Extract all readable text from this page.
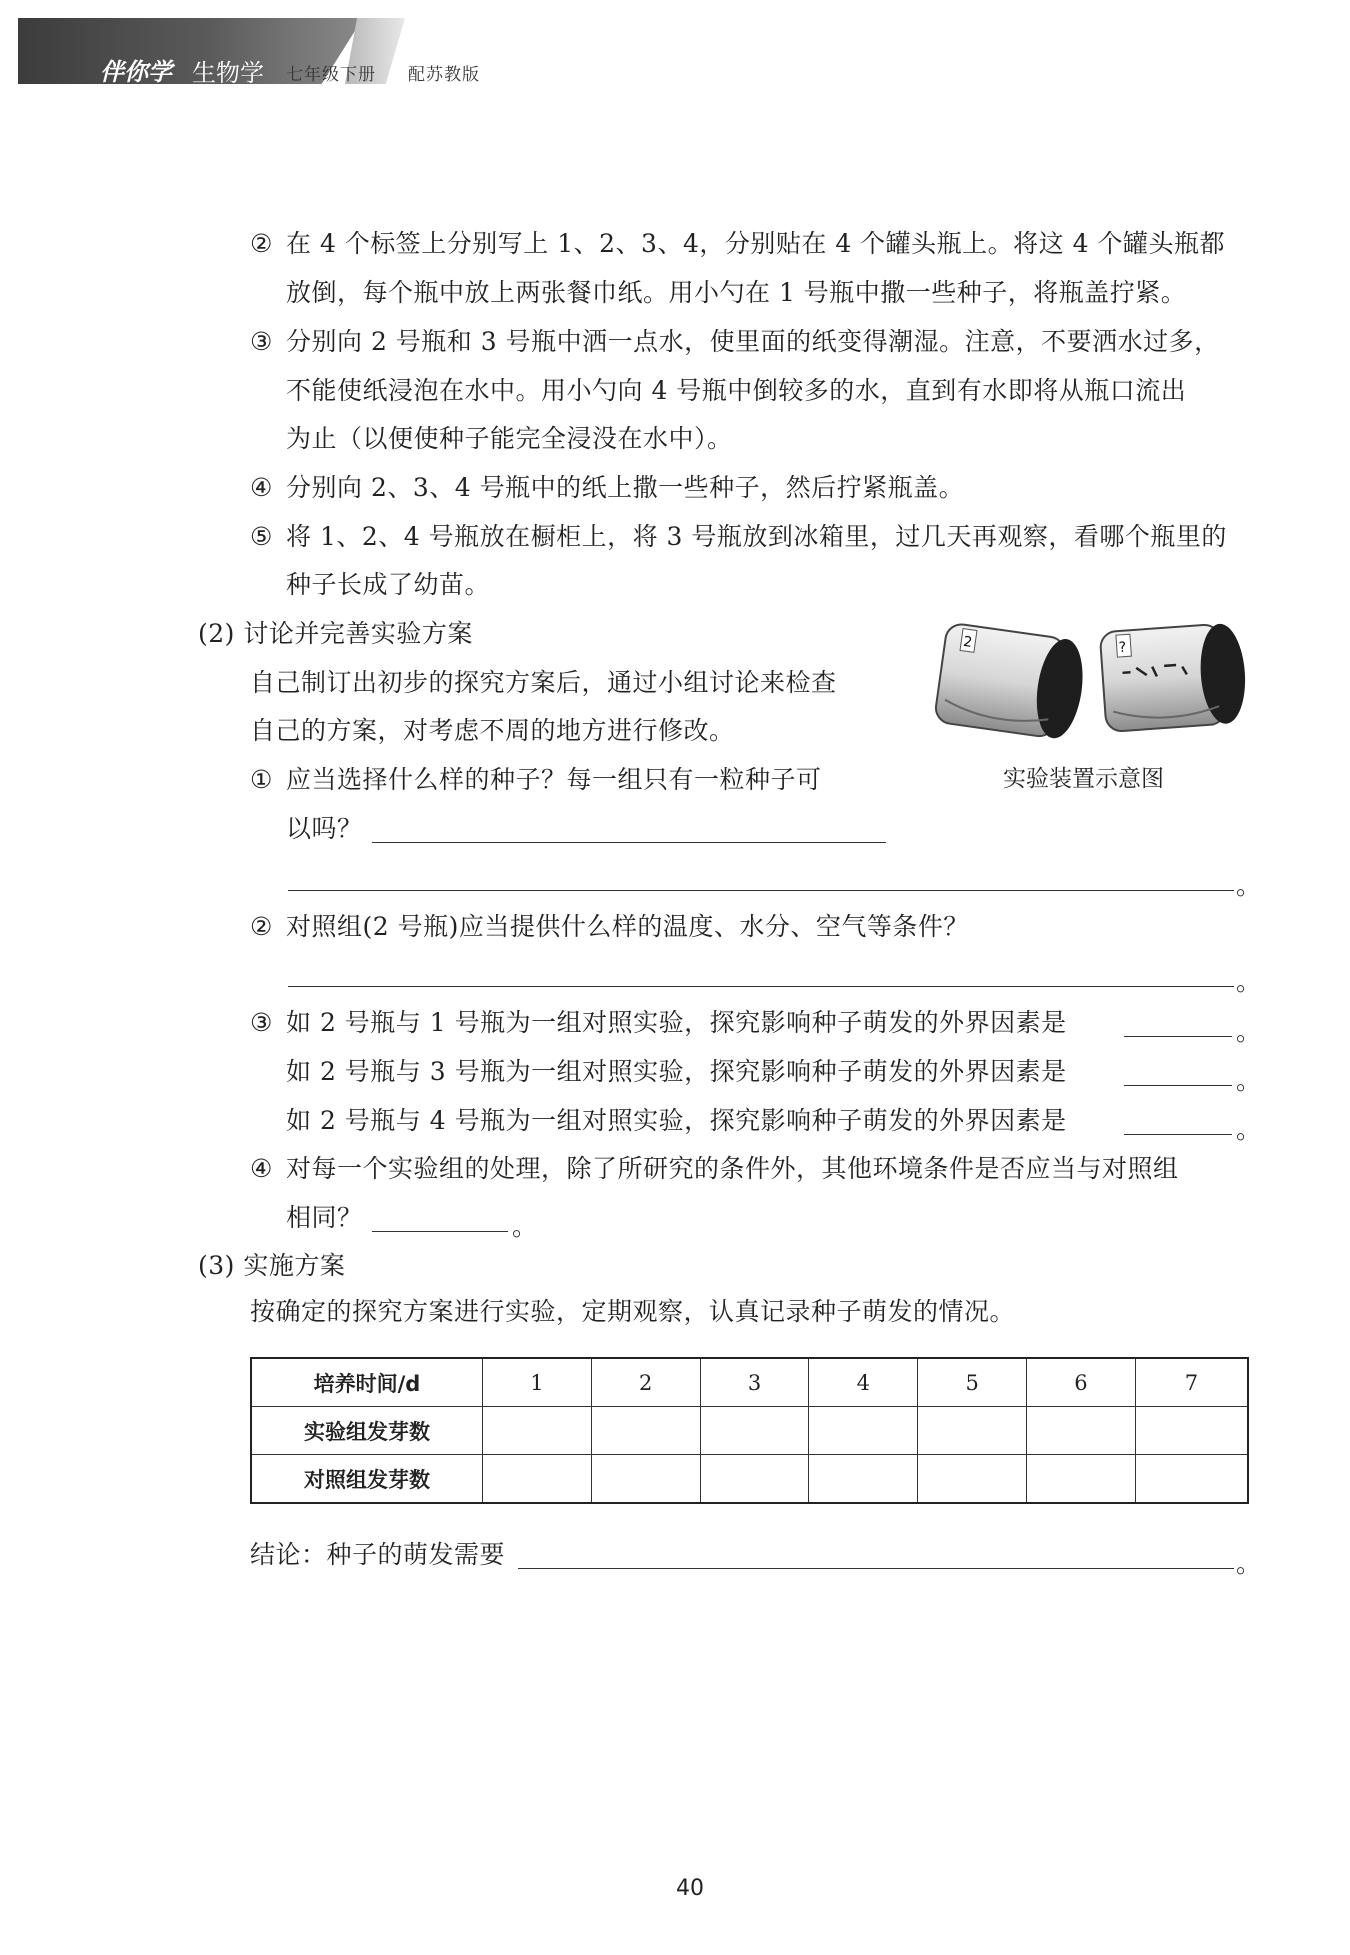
伴你学 生物学 七年级下册 配苏教版
② 在 4 个标签上分别写上 1、2、3、4，分别贴在 4 个罐头瓶上。将这 4 个罐头瓶都
放倒，每个瓶中放上两张餐巾纸。用小勺在 1 号瓶中撒一些种子，将瓶盖拧紧。
③ 分别向 2 号瓶和 3 号瓶中洒一点水，使里面的纸变得潮湿。注意，不要洒水过多，
不能使纸浸泡在水中。用小勺向 4 号瓶中倒较多的水，直到有水即将从瓶口流出
为止（以便使种子能完全浸没在水中）。
④ 分别向 2、3、4 号瓶中的纸上撒一些种子，然后拧紧瓶盖。
⑤ 将 1、2、4 号瓶放在橱柜上，将 3 号瓶放到冰箱里，过几天再观察，看哪个瓶里的
种子长成了幼苗。
(2) 讨论并完善实验方案
自己制订出初步的探究方案后，通过小组讨论来检查
自己的方案，对考虑不周的地方进行修改。
2	?
实验装置示意图
① 应当选择什么样的种子？每一组只有一粒种子可
以吗？
。
② 对照组(2 号瓶)应当提供什么样的温度、水分、空气等条件？
。
③ 如 2 号瓶与 1 号瓶为一组对照实验，探究影响种子萌发的外界因素是	。
如 2 号瓶与 3 号瓶为一组对照实验，探究影响种子萌发的外界因素是	。
如 2 号瓶与 4 号瓶为一组对照实验，探究影响种子萌发的外界因素是	。
④ 对每一个实验组的处理，除了所研究的条件外，其他环境条件是否应当与对照组
相同？	。
(3) 实施方案
按确定的探究方案进行实验，定期观察，认真记录种子萌发的情况。
培养时间/d	1	2	3	4	5	6	7
实验组发芽数							
对照组发芽数							
结论：种子的萌发需要	。
40
